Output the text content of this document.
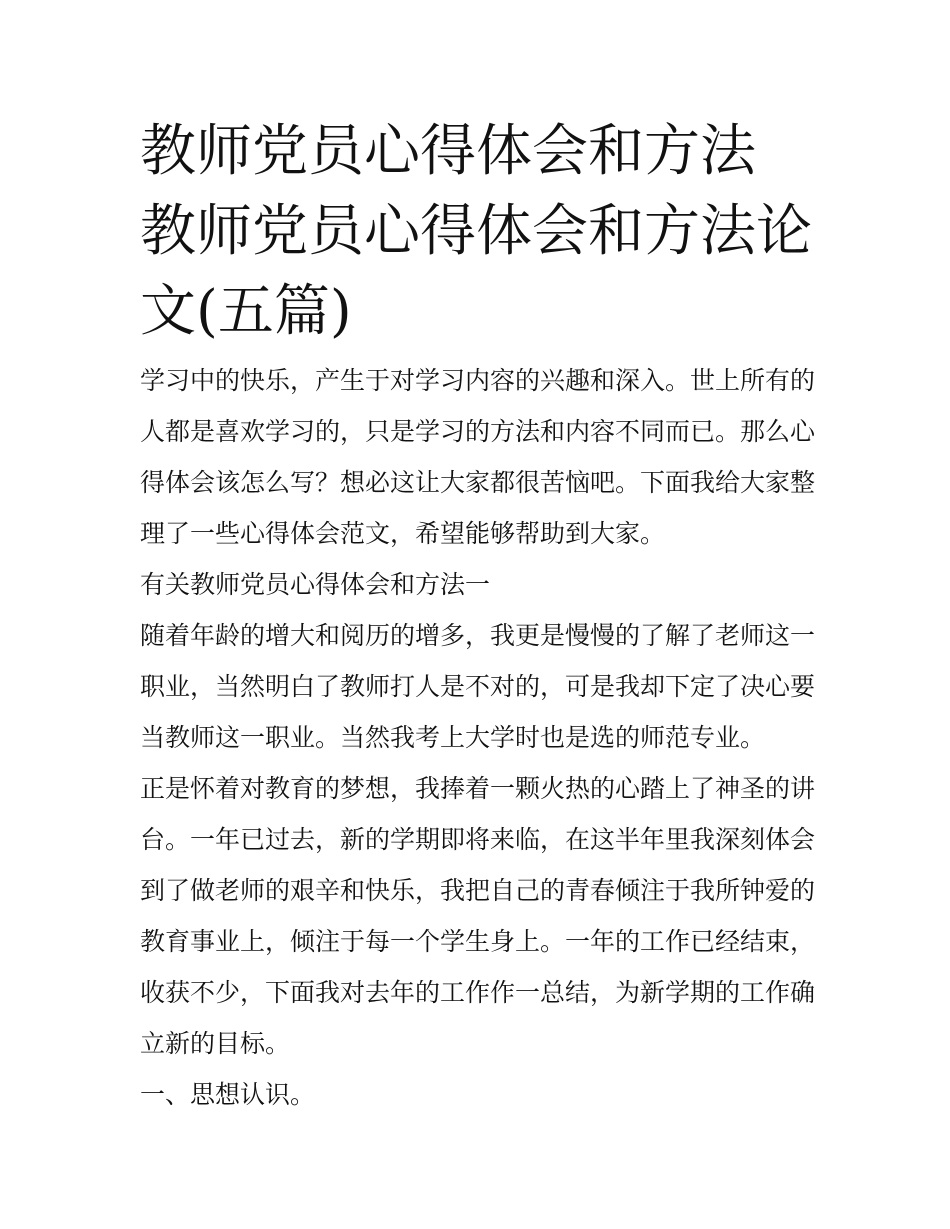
教师党员心得体会和方法 教师党员心得体会和方法论文(五篇)

学习中的快乐，产生于对学习内容的兴趣和深入。世上所有的人都是喜欢学习的，只是学习的方法和内容不同而已。那么心得体会该怎么写？想必这让大家都很苦恼吧。下面我给大家整理了一些心得体会范文，希望能够帮助到大家。

有关教师党员心得体会和方法一

随着年龄的增大和阅历的增多，我更是慢慢的了解了老师这一职业，当然明白了教师打人是不对的，可是我却下定了决心要当教师这一职业。当然我考上大学时也是选的师范专业。

正是怀着对教育的梦想，我捧着一颗火热的心踏上了神圣的讲台。一年已过去，新的学期即将来临，在这半年里我深刻体会到了做老师的艰辛和快乐，我把自己的青春倾注于我所钟爱的教育事业上，倾注于每一个学生身上。一年的工作已经结束，收获不少，下面我对去年的工作作一总结，为新学期的工作确立新的目标。

一、思想认识。
